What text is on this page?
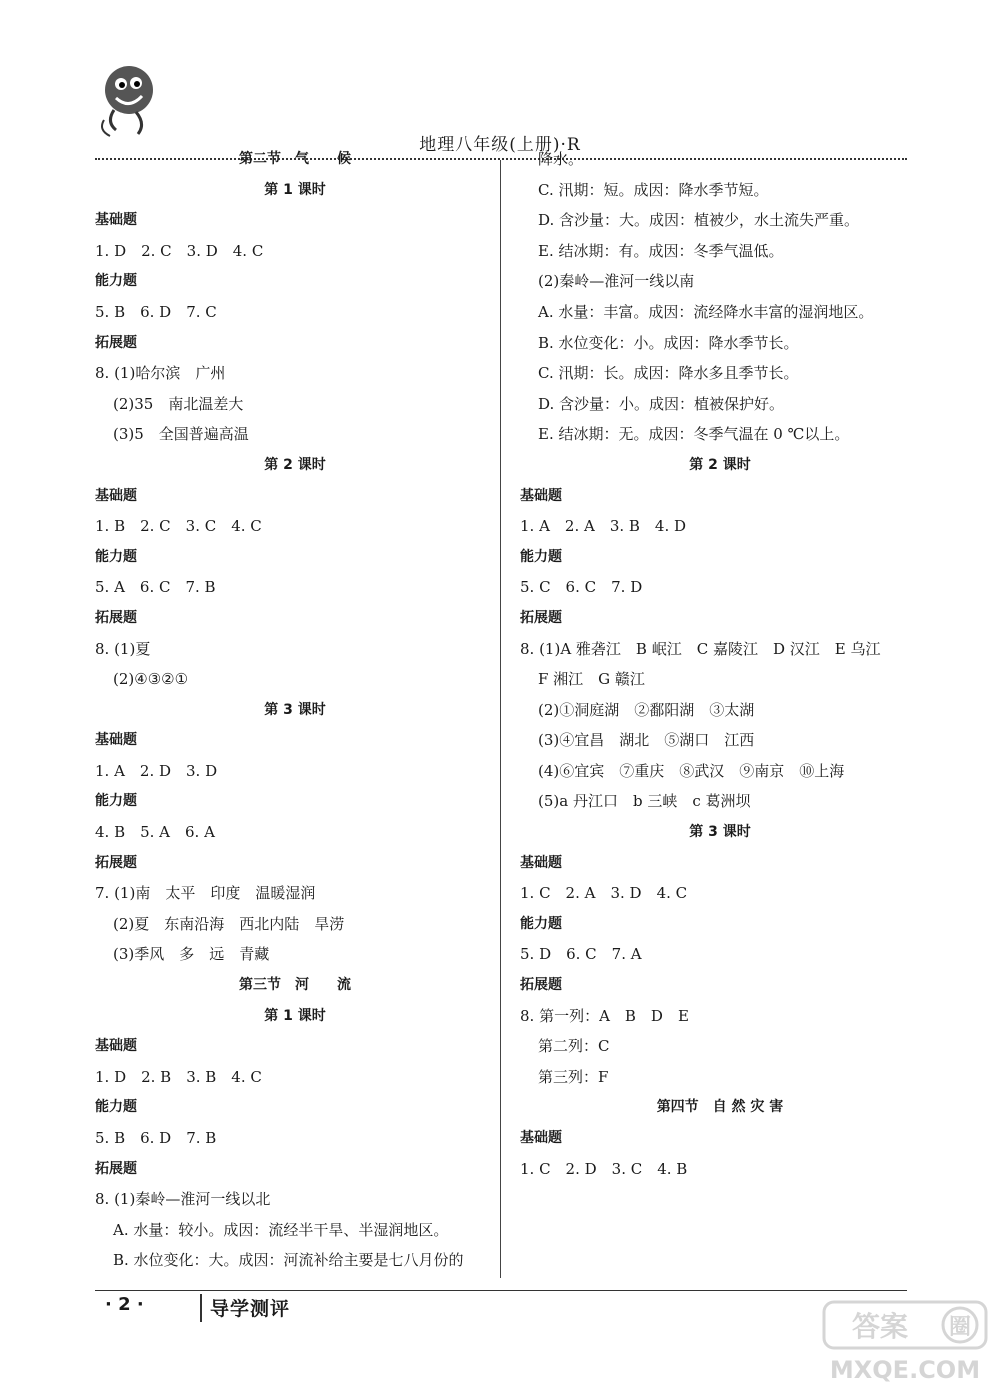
地理八年级(上册)·R
第二节　气　　候
第 1 课时
基础题
1. D　2. C　3. D　4. C
能力题
5. B　6. D　7. C
拓展题
8. (1)哈尔滨　广州
(2)35　南北温差大
(3)5　全国普遍高温
第 2 课时
基础题
1. B　2. C　3. C　4. C
能力题
5. A　6. C　7. B
拓展题
8. (1)夏
(2)④③②①
第 3 课时
基础题
1. A　2. D　3. D
能力题
4. B　5. A　6. A
拓展题
7. (1)南　太平　印度　温暖湿润
(2)夏　东南沿海　西北内陆　旱涝
(3)季风　多　远　青藏
第三节　河　　流
第 1 课时
基础题
1. D　2. B　3. B　4. C
能力题
5. B　6. D　7. B
拓展题
8. (1)秦岭—淮河一线以北
A. 水量：较小。成因：流经半干旱、半湿润地区。
B. 水位变化：大。成因：河流补给主要是七八月份的
降水。
C. 汛期：短。成因：降水季节短。
D. 含沙量：大。成因：植被少，水土流失严重。
E. 结冰期：有。成因：冬季气温低。
(2)秦岭—淮河一线以南
A. 水量：丰富。成因：流经降水丰富的湿润地区。
B. 水位变化：小。成因：降水季节长。
C. 汛期：长。成因：降水多且季节长。
D. 含沙量：小。成因：植被保护好。
E. 结冰期：无。成因：冬季气温在 0 ℃以上。
第 2 课时
基础题
1. A　2. A　3. B　4. D
能力题
5. C　6. C　7. D
拓展题
8. (1)A 雅砻江　B 岷江　C 嘉陵江　D 汉江　E 乌江
F 湘江　G 赣江
(2)①洞庭湖　②鄱阳湖　③太湖
(3)④宜昌　湖北　⑤湖口　江西
(4)⑥宜宾　⑦重庆　⑧武汉　⑨南京　⑩上海
(5)a 丹江口　b 三峡　c 葛洲坝
第 3 课时
基础题
1. C　2. A　3. D　4. C
能力题
5. D　6. C　7. A
拓展题
8. 第一列：A　B　D　E
第二列：C
第三列：F
第四节　自 然 灾 害
基础题
1. C　2. D　3. C　4. B
· 2 ·	导学测评
答案 圈
MXQE.COM
